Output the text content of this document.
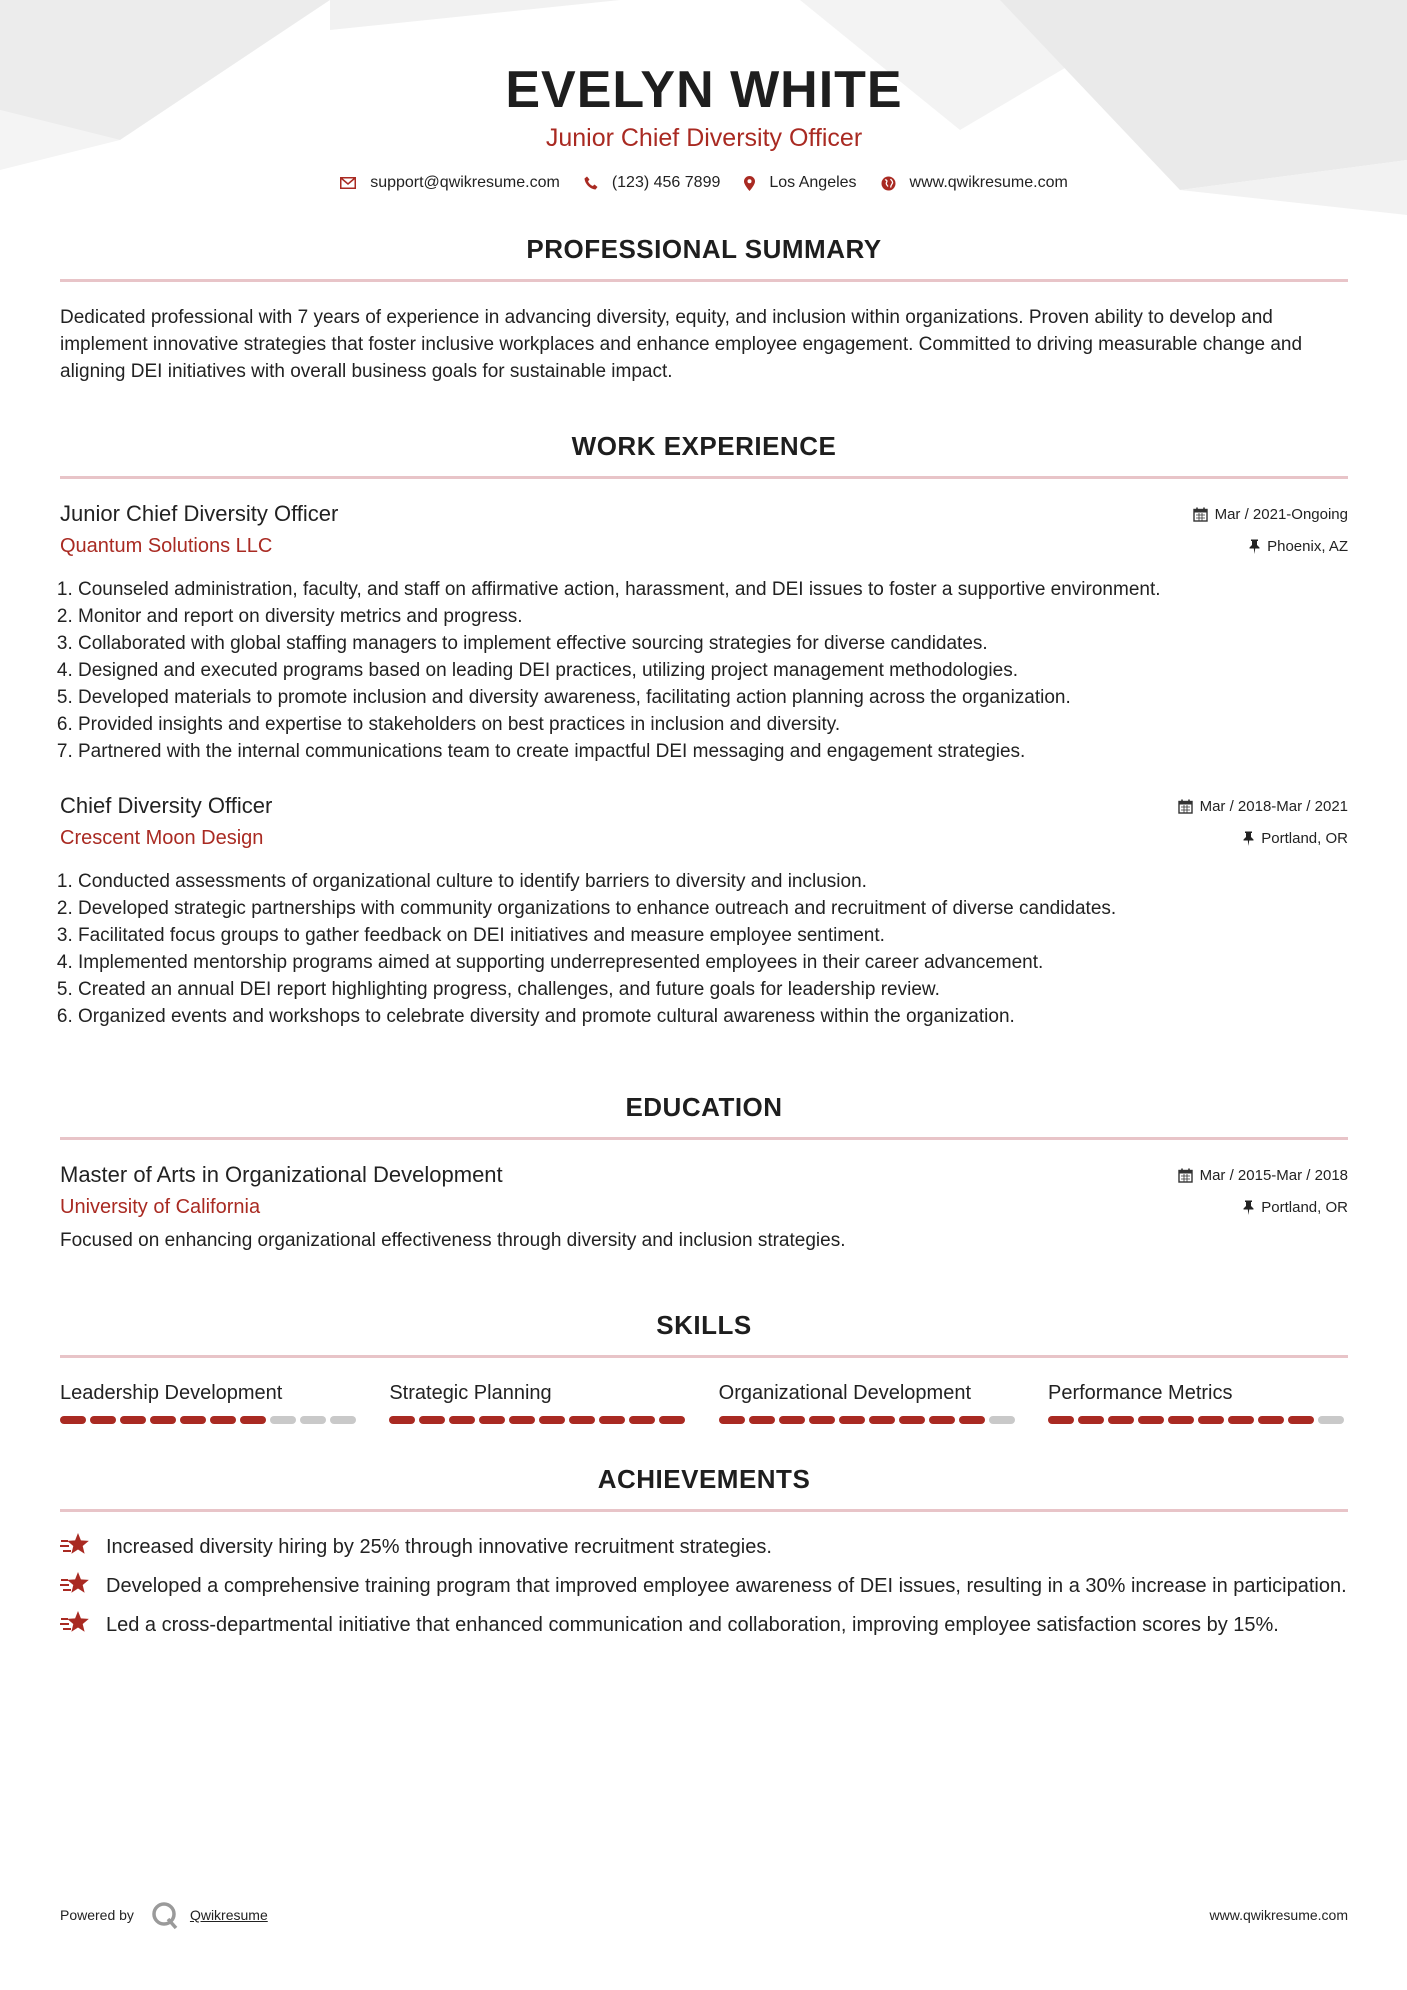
EVELYN WHITE
Junior Chief Diversity Officer
support@qwikresume.com	(123) 456 7899	Los Angeles	www.qwikresume.com
PROFESSIONAL SUMMARY
Dedicated professional with 7 years of experience in advancing diversity, equity, and inclusion within organizations. Proven ability to develop and implement innovative strategies that foster inclusive workplaces and enhance employee engagement. Committed to driving measurable change and aligning DEI initiatives with overall business goals for sustainable impact.
WORK EXPERIENCE
Junior Chief Diversity Officer	Mar / 2021-Ongoing
Quantum Solutions LLC	Phoenix, AZ
1. Counseled administration, faculty, and staff on affirmative action, harassment, and DEI issues to foster a supportive environment.
2. Monitor and report on diversity metrics and progress.
3. Collaborated with global staffing managers to implement effective sourcing strategies for diverse candidates.
4. Designed and executed programs based on leading DEI practices, utilizing project management methodologies.
5. Developed materials to promote inclusion and diversity awareness, facilitating action planning across the organization.
6. Provided insights and expertise to stakeholders on best practices in inclusion and diversity.
7. Partnered with the internal communications team to create impactful DEI messaging and engagement strategies.
Chief Diversity Officer	Mar / 2018-Mar / 2021
Crescent Moon Design	Portland, OR
1. Conducted assessments of organizational culture to identify barriers to diversity and inclusion.
2. Developed strategic partnerships with community organizations to enhance outreach and recruitment of diverse candidates.
3. Facilitated focus groups to gather feedback on DEI initiatives and measure employee sentiment.
4. Implemented mentorship programs aimed at supporting underrepresented employees in their career advancement.
5. Created an annual DEI report highlighting progress, challenges, and future goals for leadership review.
6. Organized events and workshops to celebrate diversity and promote cultural awareness within the organization.
EDUCATION
Master of Arts in Organizational Development	Mar / 2015-Mar / 2018
University of California	Portland, OR
Focused on enhancing organizational effectiveness through diversity and inclusion strategies.
SKILLS
Leadership Development	Strategic Planning	Organizational Development	Performance Metrics
ACHIEVEMENTS
Increased diversity hiring by 25% through innovative recruitment strategies.
Developed a comprehensive training program that improved employee awareness of DEI issues, resulting in a 30% increase in participation.
Led a cross-departmental initiative that enhanced communication and collaboration, improving employee satisfaction scores by 15%.
Powered by	Qwikresume	www.qwikresume.com
